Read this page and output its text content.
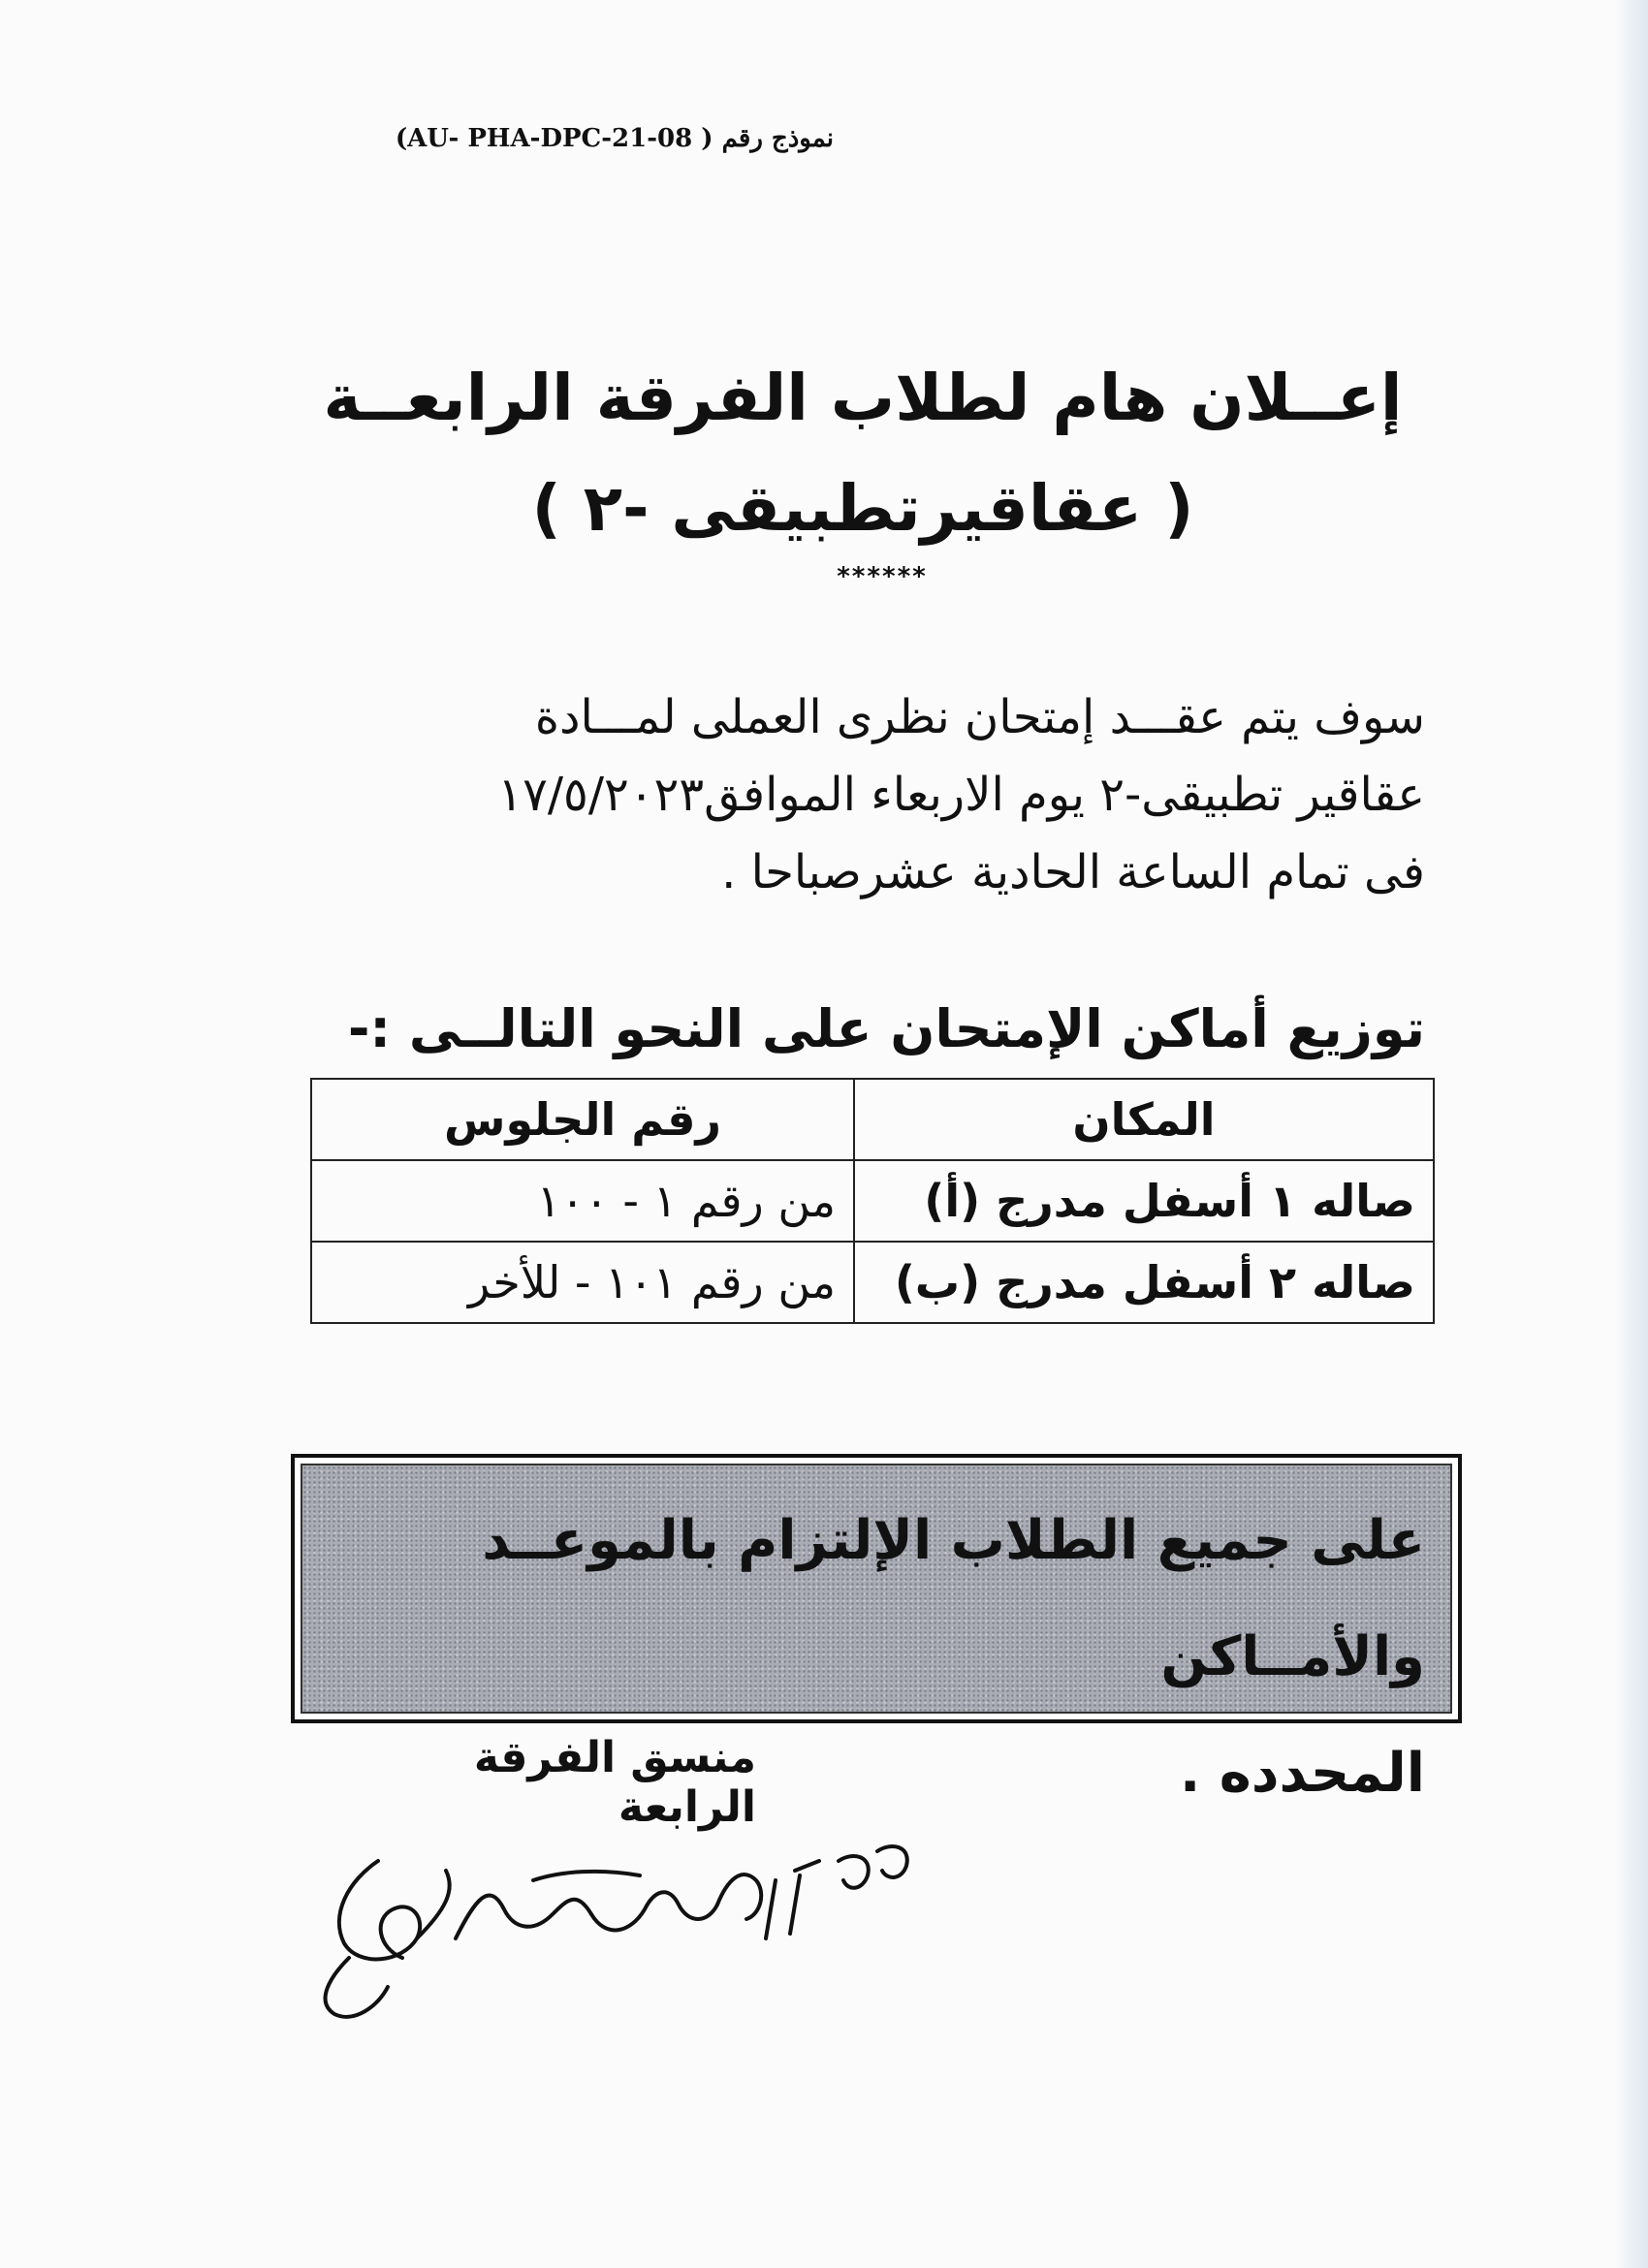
نموذج رقم ( AU- PHA-DPC-21-08)
إعــلان هام لطلاب الفرقة الرابعــة
( عقاقيرتطبيقى -٢ )
******
سوف يتم عقـــد إمتحان نظرى العملى لمـــادة
عقاقير تطبيقى-٢ يوم الاربعاء الموافق١٧/٥/٢٠٢٣
فى تمام الساعة الحادية عشرصباحا .
توزيع أماكن الإمتحان على النحو التالــى :-
المكان	رقم الجلوس
صاله ١ أسفل مدرج (أ)	من رقم ١ - ١٠٠
صاله ٢ أسفل مدرج (ب)	من رقم ١٠١ - للأخر
على جميع الطلاب الإلتزام بالموعــد والأمــاكن
المحدده .
منسق الفرقة الرابعة
